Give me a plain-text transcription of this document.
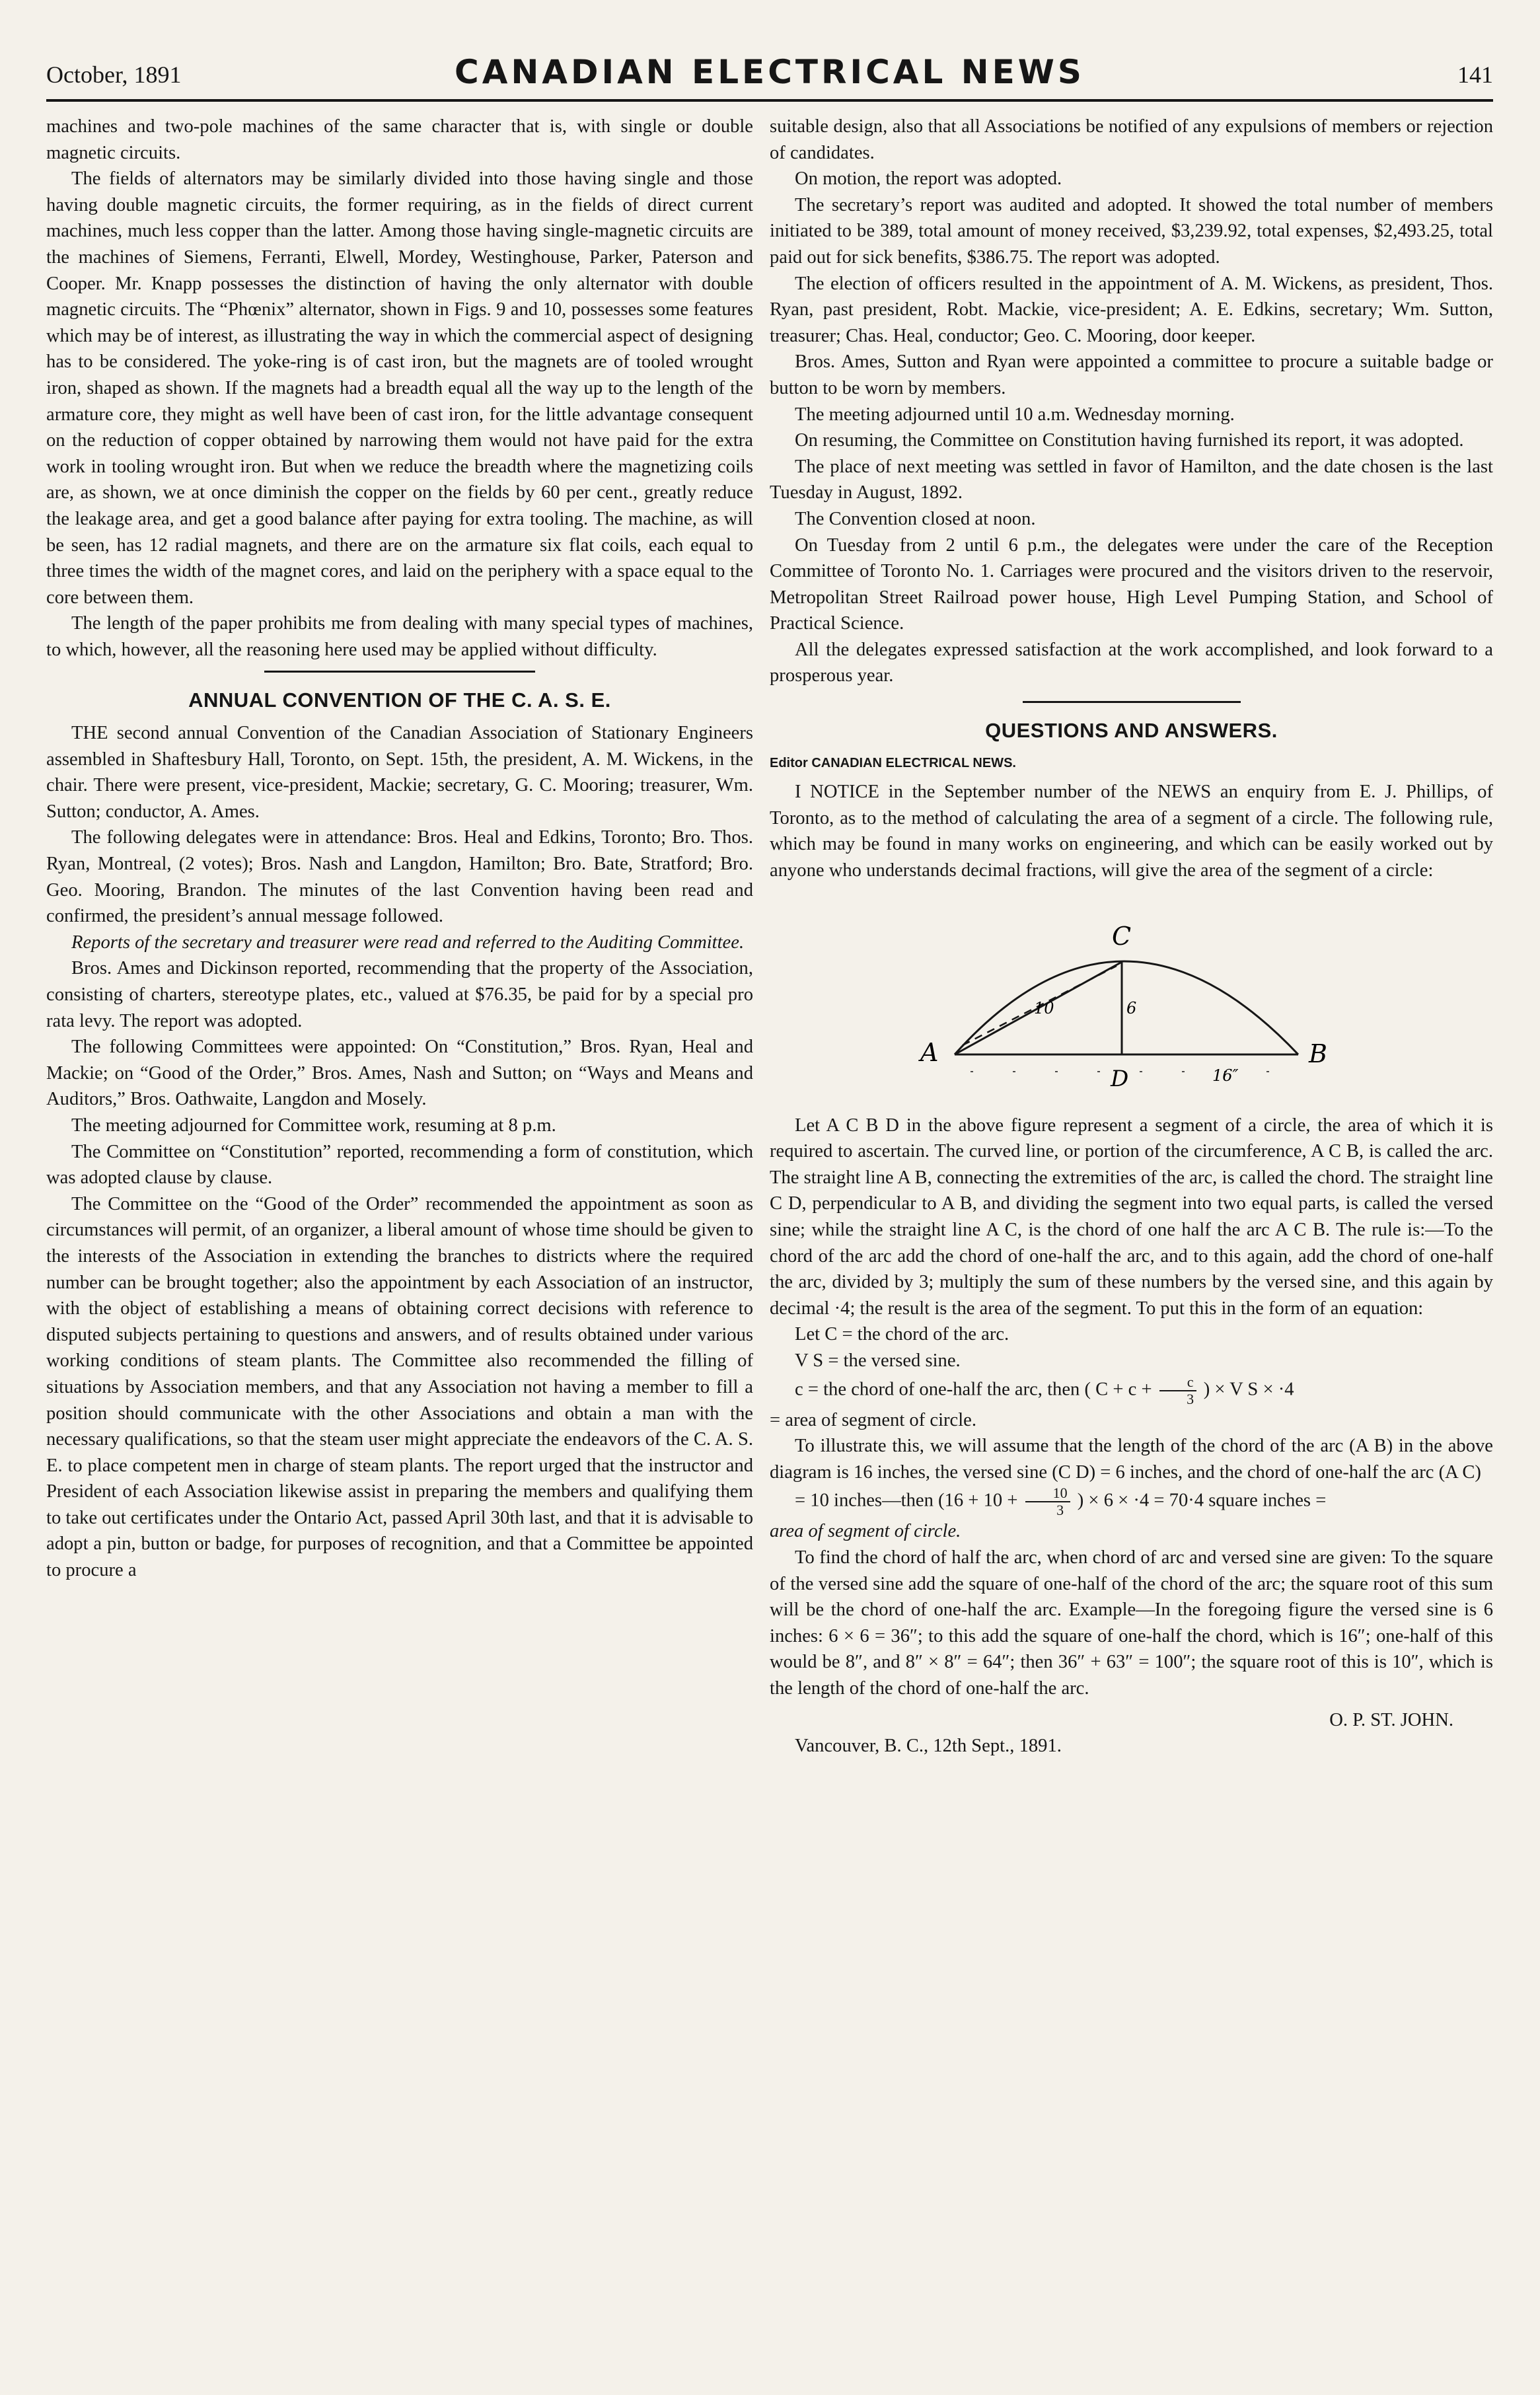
October, 1891	CANADIAN ELECTRICAL NEWS	141

machines and two-pole machines of the same character that is, with single or double magnetic circuits.

The fields of alternators may be similarly divided into those having single and those having double magnetic circuits, the former requiring, as in the fields of direct current machines, much less copper than the latter. Among those having single-magnetic circuits are the machines of Siemens, Ferranti, Elwell, Mordey, Westinghouse, Parker, Paterson and Cooper. Mr. Knapp possesses the distinction of having the only alternator with double magnetic circuits. The “Phœnix” alternator, shown in Figs. 9 and 10, possesses some features which may be of interest, as illustrating the way in which the commercial aspect of designing has to be considered. The yoke-ring is of cast iron, but the magnets are of tooled wrought iron, shaped as shown. If the magnets had a breadth equal all the way up to the length of the armature core, they might as well have been of cast iron, for the little advantage consequent on the reduction of copper obtained by narrowing them would not have paid for the extra work in tooling wrought iron. But when we reduce the breadth where the magnetizing coils are, as shown, we at once diminish the copper on the fields by 60 per cent., greatly reduce the leakage area, and get a good balance after paying for extra tooling. The machine, as will be seen, has 12 radial magnets, and there are on the armature six flat coils, each equal to three times the width of the magnet cores, and laid on the periphery with a space equal to the core between them.

The length of the paper prohibits me from dealing with many special types of machines, to which, however, all the reasoning here used may be applied without difficulty.

ANNUAL CONVENTION OF THE C. A. S. E.

THE second annual Convention of the Canadian Association of Stationary Engineers assembled in Shaftesbury Hall, Toronto, on Sept. 15th, the president, A. M. Wickens, in the chair. There were present, vice-president, Mackie; secretary, G. C. Mooring; treasurer, Wm. Sutton; conductor, A. Ames.

The following delegates were in attendance: Bros. Heal and Edkins, Toronto; Bro. Thos. Ryan, Montreal, (2 votes); Bros. Nash and Langdon, Hamilton; Bro. Bate, Stratford; Bro. Geo. Mooring, Brandon. The minutes of the last Convention having been read and confirmed, the president’s annual message followed.

Reports of the secretary and treasurer were read and referred to the Auditing Committee.

Bros. Ames and Dickinson reported, recommending that the property of the Association, consisting of charters, stereotype plates, etc., valued at $76.35, be paid for by a special pro rata levy. The report was adopted.

The following Committees were appointed: On “Constitution,” Bros. Ryan, Heal and Mackie; on “Good of the Order,” Bros. Ames, Nash and Sutton; on “Ways and Means and Auditors,” Bros. Oathwaite, Langdon and Mosely.

The meeting adjourned for Committee work, resuming at 8 p.m.

The Committee on “Constitution” reported, recommending a form of constitution, which was adopted clause by clause.

The Committee on the “Good of the Order” recommended the appointment as soon as circumstances will permit, of an organizer, a liberal amount of whose time should be given to the interests of the Association in extending the branches to districts where the required number can be brought together; also the appointment by each Association of an instructor, with the object of establishing a means of obtaining correct decisions with reference to disputed subjects pertaining to questions and answers, and of results obtained under various working conditions of steam plants. The Committee also recommended the filling of situations by Association members, and that any Association not having a member to fill a position should communicate with the other Associations and obtain a man with the necessary qualifications, so that the steam user might appreciate the endeavors of the C. A. S. E. to place competent men in charge of steam plants. The report urged that the instructor and President of each Association likewise assist in preparing the members and qualifying them to take out certificates under the Ontario Act, passed April 30th last, and that it is advisable to adopt a pin, button or badge, for purposes of recognition, and that a Committee be appointed to procure a

suitable design, also that all Associations be notified of any expulsions of members or rejection of candidates.

On motion, the report was adopted.

The secretary’s report was audited and adopted. It showed the total number of members initiated to be 389, total amount of money received, $3,239.92, total expenses, $2,493.25, total paid out for sick benefits, $386.75. The report was adopted.

The election of officers resulted in the appointment of A. M. Wickens, as president, Thos. Ryan, past president, Robt. Mackie, vice-president; A. E. Edkins, secretary; Wm. Sutton, treasurer; Chas. Heal, conductor; Geo. C. Mooring, door keeper.

Bros. Ames, Sutton and Ryan were appointed a committee to procure a suitable badge or button to be worn by members.

The meeting adjourned until 10 a.m. Wednesday morning.

On resuming, the Committee on Constitution having furnished its report, it was adopted.

The place of next meeting was settled in favor of Hamilton, and the date chosen is the last Tuesday in August, 1892.

The Convention closed at noon.

On Tuesday from 2 until 6 p.m., the delegates were under the care of the Reception Committee of Toronto No. 1. Carriages were procured and the visitors driven to the reservoir, Metropolitan Street Railroad power house, High Level Pumping Station, and School of Practical Science.

All the delegates expressed satisfaction at the work accomplished, and look forward to a prosperous year.

QUESTIONS AND ANSWERS.
Editor CANADIAN ELECTRICAL NEWS.

I NOTICE in the September number of the NEWS an enquiry from E. J. Phillips, of Toronto, as to the method of calculating the area of a segment of a circle. The following rule, which may be found in many works on engineering, and which can be easily worked out by anyone who understands decimal fractions, will give the area of the segment of a circle:

A	B
C
D
10	6
16″

Let A C B D in the above figure represent a segment of a circle, the area of which it is required to ascertain. The curved line, or portion of the circumference, A C B, is called the arc. The straight line A B, connecting the extremities of the arc, is called the chord. The straight line C D, perpendicular to A B, and dividing the segment into two equal parts, is called the versed sine; while the straight line A C, is the chord of one half the arc A C B. The rule is:—To the chord of the arc add the chord of one-half the arc, and to this again, add the chord of one-half the arc, divided by 3; multiply the sum of these numbers by the versed sine, and this again by decimal ·4; the result is the area of the segment. To put this in the form of an equation:

Let C = the chord of the arc.

V S = the versed sine.

c = the chord of one-half the arc, then ( $C + c + \frac{c}{3}$ ) × V S × ·4

= area of segment of circle.

To illustrate this, we will assume that the length of the chord of the arc (A B) in the above diagram is 16 inches, the versed sine (C D) = 6 inches, and the chord of one-half the arc (A C)

= 10 inches—then ($16 + 10 + \frac{10}{3}$ ) × 6 × ·4 = 70·4 square inches =

area of segment of circle.

To find the chord of half the arc, when chord of arc and versed sine are given: To the square of the versed sine add the square of one-half of the chord of the arc; the square root of this sum will be the chord of one-half the arc. Example—In the foregoing figure the versed sine is 6 inches: 6 × 6 = 36″; to this add the square of one-half the chord, which is 16″; one-half of this would be 8″, and 8″ × 8″ = 64″; then 36″ + 63″ = 100″; the square root of this is 10″, which is the length of the chord of one-half the arc.

O. P. ST. JOHN.

Vancouver, B. C., 12th Sept., 1891.
